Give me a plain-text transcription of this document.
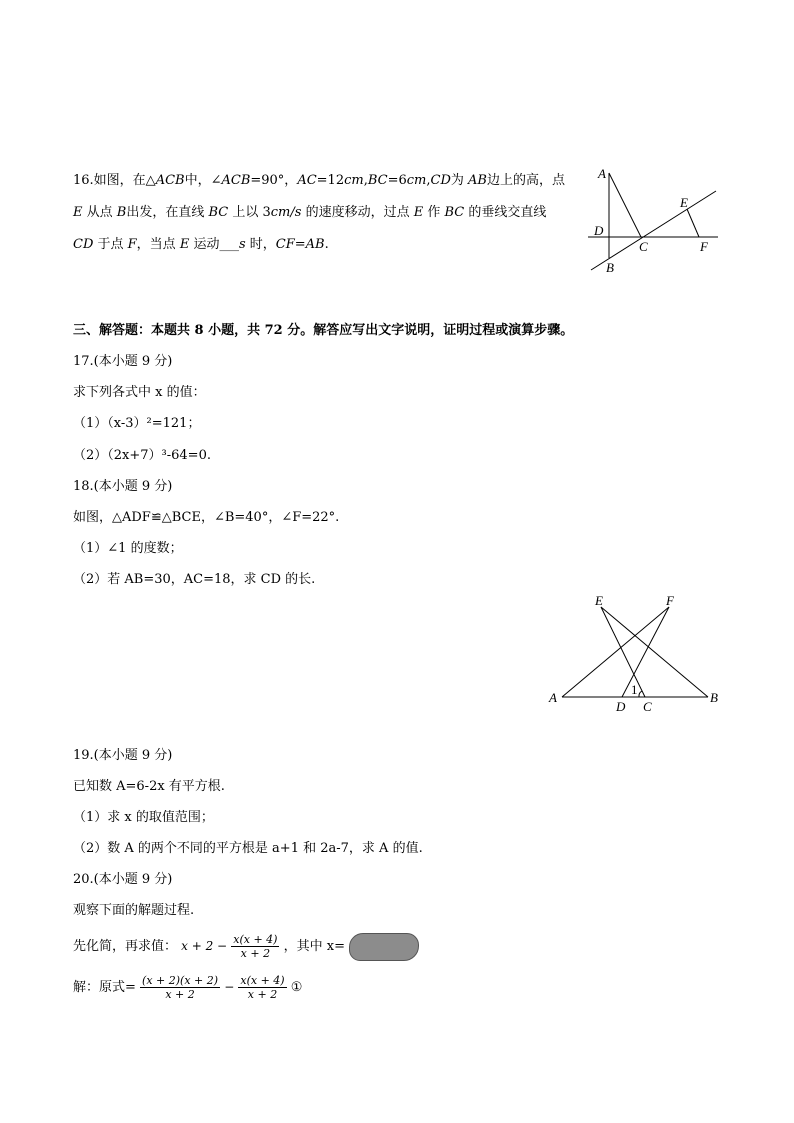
16.如图，在△ACB中，∠ACB=90°，AC=12cm,BC=6cm,CD为 AB边上的高，点 E 从点 B出发，在直线 BC 上以 3cm/s 的速度移动，过点 E 作 BC 的垂线交直线 CD 于点 F，当点 E 运动___s 时，CF=AB.
A
D
B
C
E
F
三、解答题：本题共 8 小题，共 72 分。解答应写出文字说明，证明过程或演算步骤。
17.(本小题 9 分)
求下列各式中 x 的值：
（1）（x-3）²=121；
（2）（2x+7）³-64=0.
18.(本小题 9 分)
如图，△ADF≌△BCE，∠B=40°，∠F=22°.
（1）∠1 的度数；
（2）若 AB=30，AC=18，求 CD 的长.
E	F
A
D C
B
1
19.(本小题 9 分)
已知数 A=6-2x 有平方根.
（1）求 x 的取值范围；
（2）数 A 的两个不同的平方根是 a+1 和 2a-7，求 A 的值.
20.(本小题 9 分)
观察下面的解题过程.
先化简，再求值： $x + 2 - \frac{x(x + 4)}{x + 2}$ ，其中 x=
解：原式= $\frac{(x + 2)(x + 2)}{x + 2} - \frac{x(x + 4)}{x + 2}$ ①
